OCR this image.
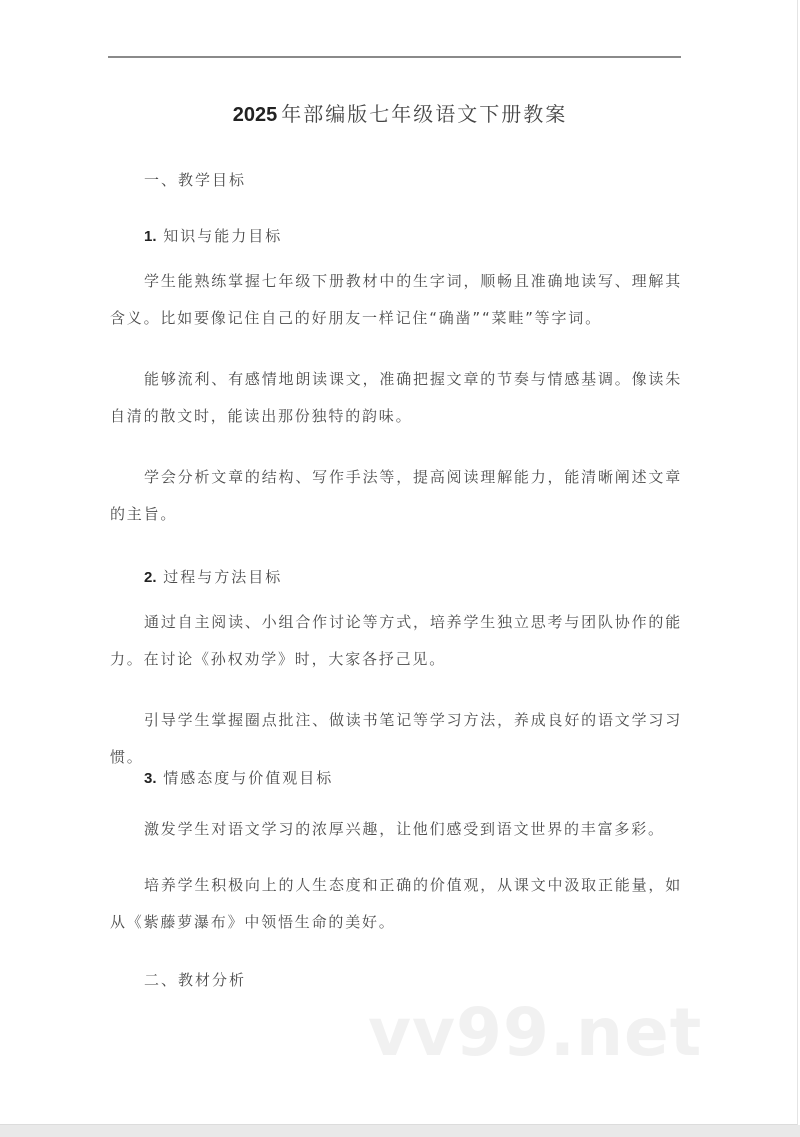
2025 年部编版七年级语文下册教案
一、教学目标
1. 知识与能力目标

学生能熟练掌握七年级下册教材中的生字词，顺畅且准确地读写、理解其含义。比如要像记住自己的好朋友一样记住“确凿”“菜畦”等字词。

能够流利、有感情地朗读课文，准确把握文章的节奏与情感基调。像读朱自清的散文时，能读出那份独特的韵味。

学会分析文章的结构、写作手法等，提高阅读理解能力，能清晰阐述文章的主旨。

2. 过程与方法目标

通过自主阅读、小组合作讨论等方式，培养学生独立思考与团队协作的能力。在讨论《孙权劝学》时，大家各抒己见。

引导学生掌握圈点批注、做读书笔记等学习方法，养成良好的语文学习习惯。

3. 情感态度与价值观目标

激发学生对语文学习的浓厚兴趣，让他们感受到语文世界的丰富多彩。

培养学生积极向上的人生态度和正确的价值观，从课文中汲取正能量，如从《紫藤萝瀑布》中领悟生命的美好。

二、教材分析
vv99.net
